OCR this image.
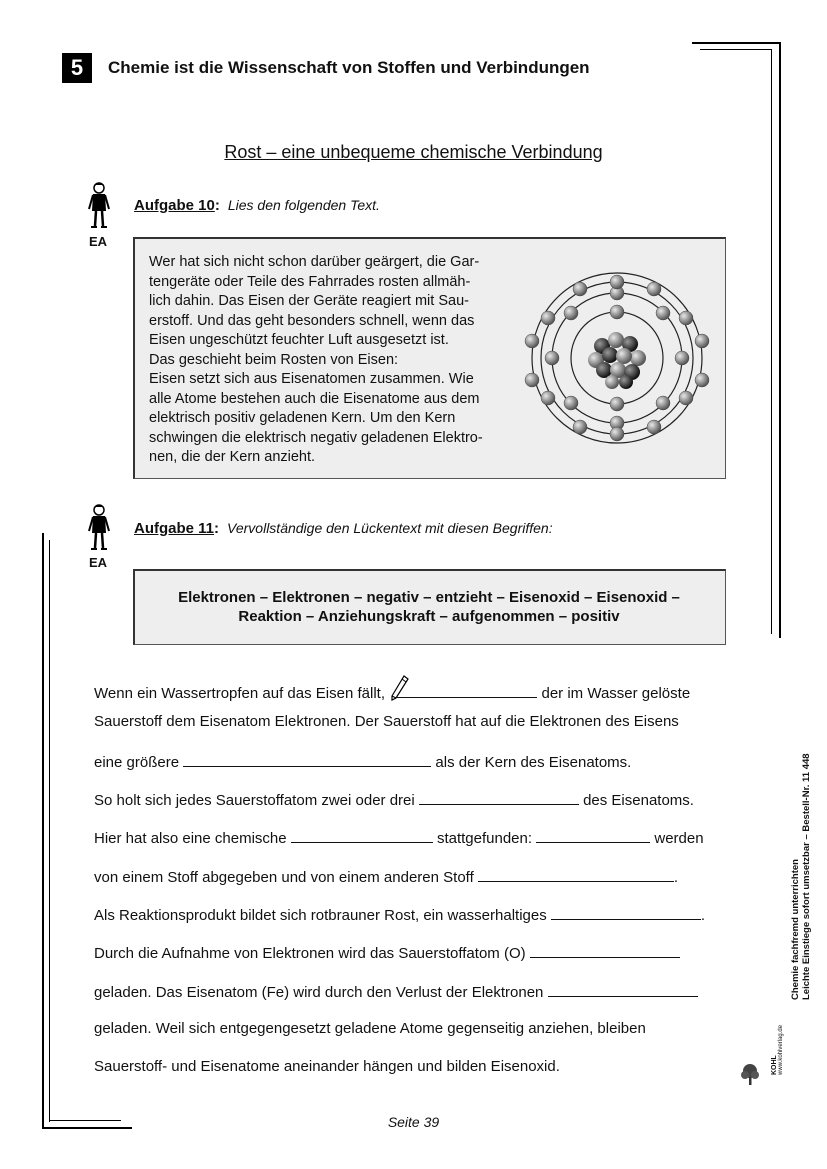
5	Chemie ist die Wissenschaft von Stoffen und Verbindungen
Rost – eine unbequeme chemische Verbindung
EA
Aufgabe 10: Lies den folgenden Text.
Wer hat sich nicht schon darüber geärgert, die Gar-
tengeräte oder Teile des Fahrrades rosten allmäh-
lich dahin. Das Eisen der Geräte reagiert mit Sau-
erstoff. Und das geht besonders schnell, wenn das
Eisen ungeschützt feuchter Luft ausgesetzt ist.
Das geschieht beim Rosten von Eisen:
Eisen setzt sich aus Eisenatomen zusammen. Wie
alle Atome bestehen auch die Eisenatome aus dem
elektrisch positiv geladenen Kern. Um den Kern
schwingen die elektrisch negativ geladenen Elektro-
nen, die der Kern anzieht.
EA
Aufgabe 11: Vervollständige den Lückentext mit diesen Begriffen:
Elektronen – Elektronen – negativ – entzieht – Eisenoxid – Eisenoxid –
Reaktion – Anziehungskraft – aufgenommen – positiv
Wenn ein Wassertropfen auf das Eisen fällt,	der im Wasser gelöste
Sauerstoff dem Eisenatom Elektronen. Der Sauerstoff hat auf die Elektronen des Eisens
eine größere	als der Kern des Eisenatoms.
So holt sich jedes Sauerstoffatom zwei oder drei	des Eisenatoms.
Hier hat also eine chemische	stattgefunden:	werden
von einem Stoff abgegeben und von einem anderen Stoff	.
Als Reaktionsprodukt bildet sich rotbrauner Rost, ein wasserhaltiges	.
Durch die Aufnahme von Elektronen wird das Sauerstoffatom (O)
geladen. Das Eisenatom (Fe) wird durch den Verlust der Elektronen
geladen. Weil sich entgegengesetzt geladene Atome gegenseitig anziehen, bleiben
Sauerstoff- und Eisenatome aneinander hängen und bilden Eisenoxid.
Seite 39
Chemie fachfremd unterrichten Leichte Einstiege sofort umsetzbar – Bestell-Nr. 11 448
KOHL www.kohlverlag.de
